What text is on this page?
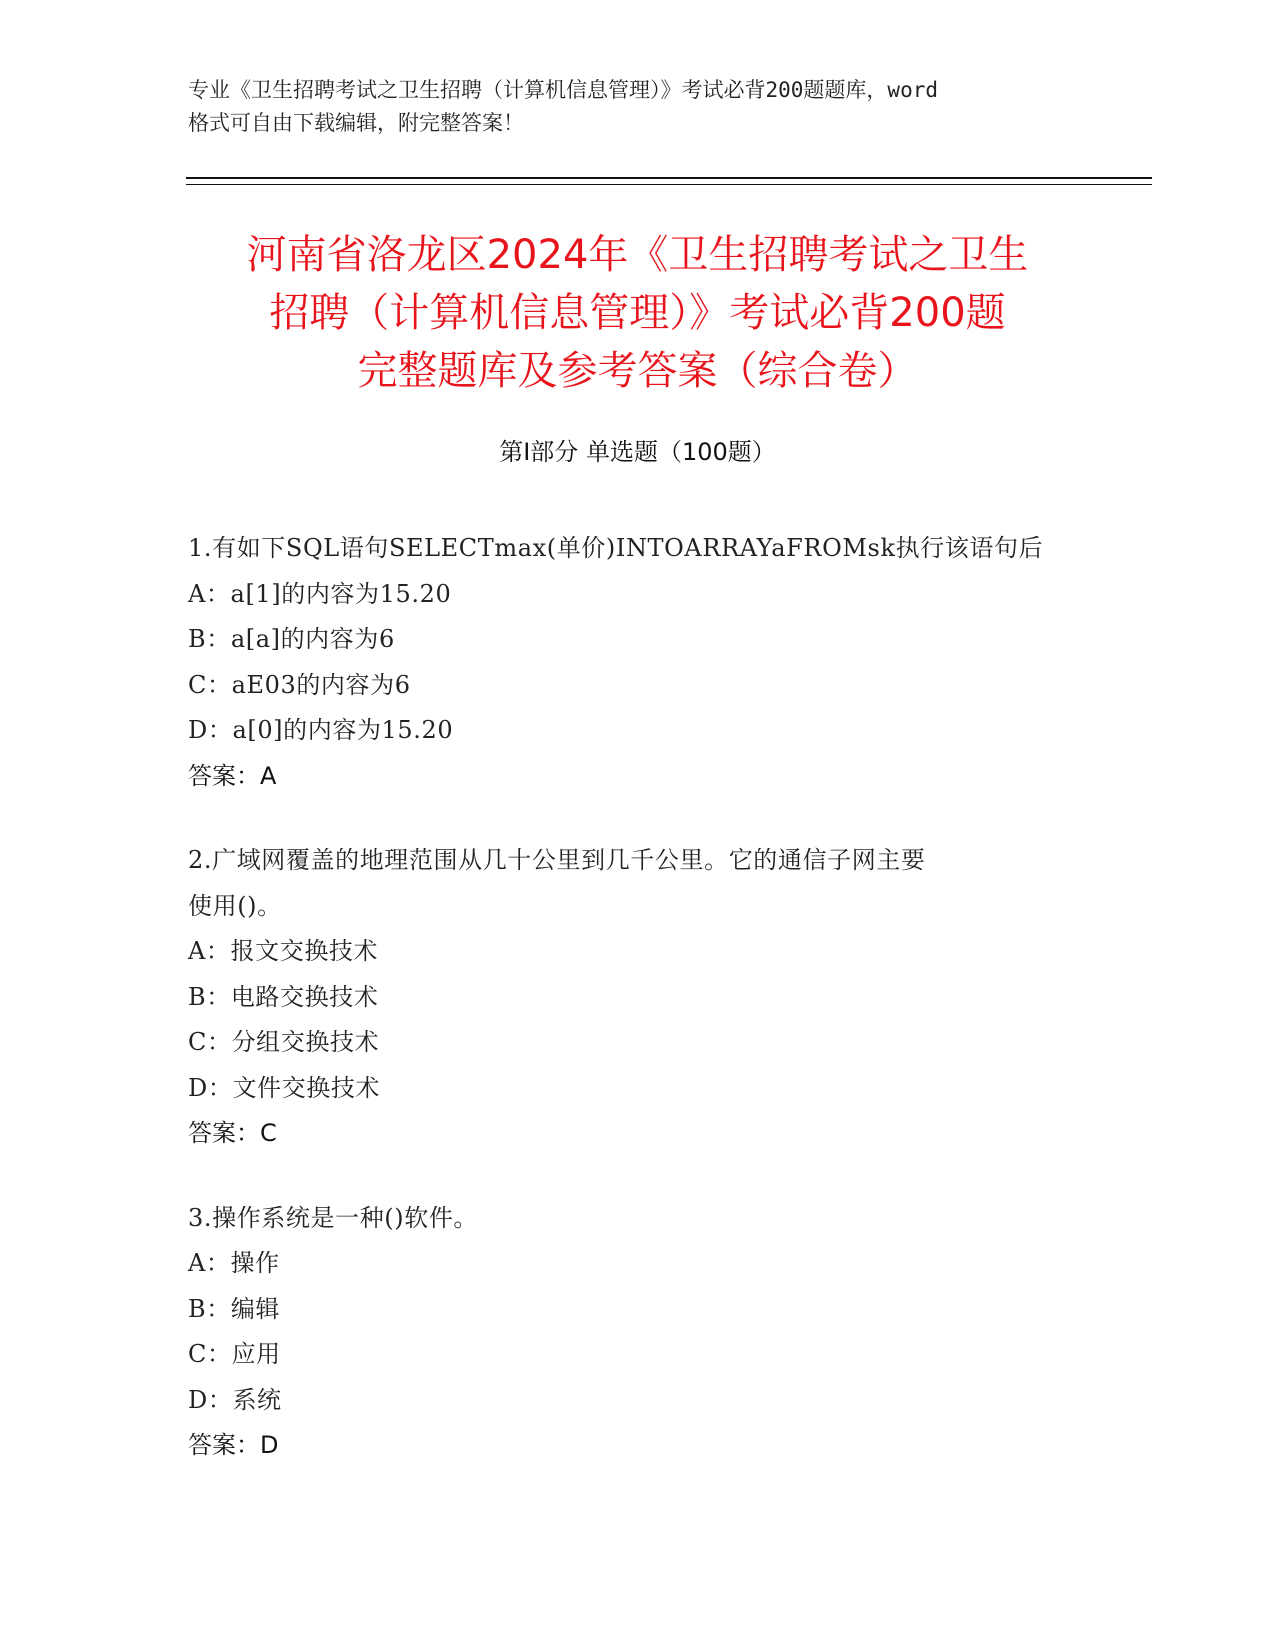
专业《卫生招聘考试之卫生招聘（计算机信息管理）》考试必背200题题库，word
格式可自由下载编辑，附完整答案！
河南省洛龙区2024年《卫生招聘考试之卫生
招聘（计算机信息管理）》考试必背200题
完整题库及参考答案（综合卷）
第Ⅰ部分 单选题（100题）
1.有如下SQL语句SELECTmax(单价)INTOARRAYaFROMsk执行该语句后
A：a[1]的内容为15.20
B：a[a]的内容为6
C：aE03的内容为6
D：a[0]的内容为15.20
答案：A
2.广域网覆盖的地理范围从几十公里到几千公里。它的通信子网主要
使用()。
A：报文交换技术
B：电路交换技术
C：分组交换技术
D：文件交换技术
答案：C
3.操作系统是一种()软件。
A：操作
B：编辑
C：应用
D：系统
答案：D
